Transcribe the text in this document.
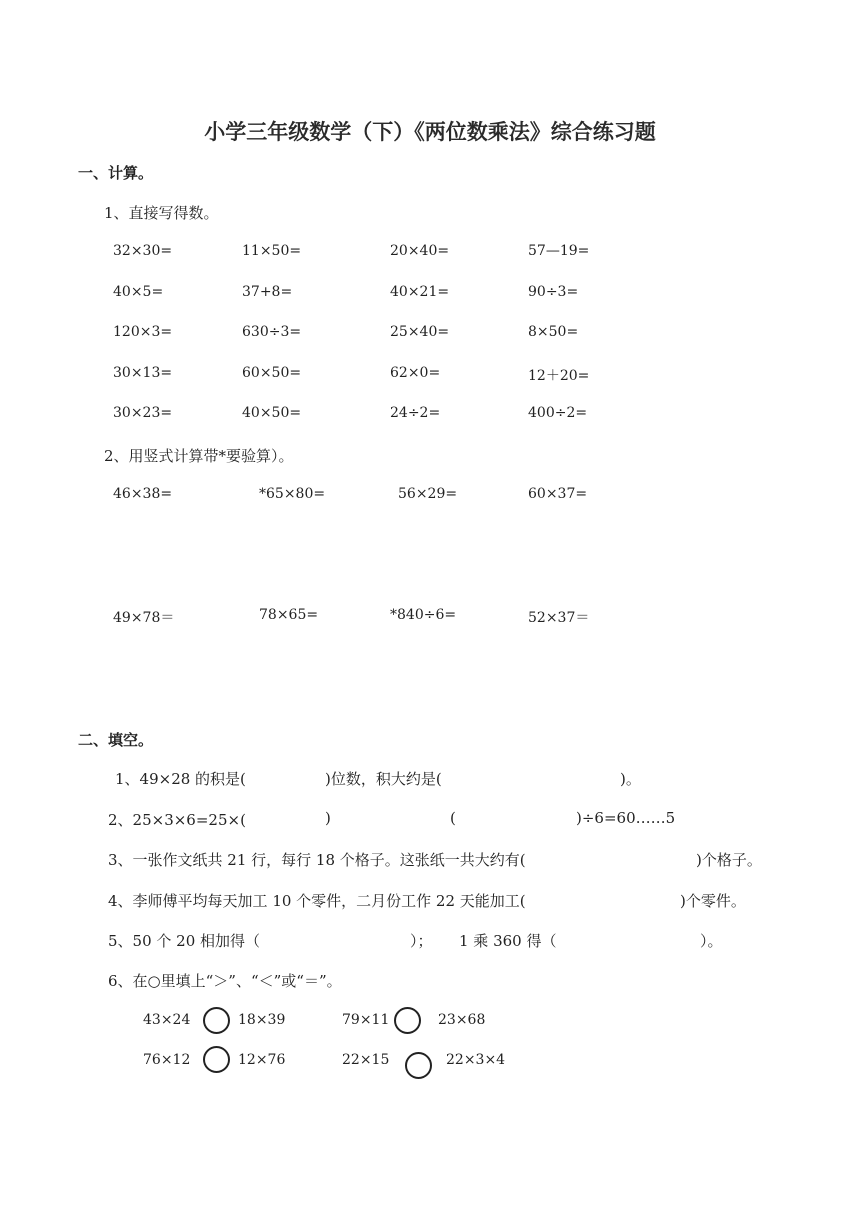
小学三年级数学（下）《两位数乘法》综合练习题
一、计算。
1、直接写得数。
32×30=	11×50=	20×40=	57—19=
40×5=	37+8=	40×21=	90÷3=
120×3=	630÷3=	25×40=	8×50=
30×13=	60×50=	62×0=	12＋20=
30×23=	40×50=	24÷2=	400÷2=
2、用竖式计算带*要验算）。
46×38=	*65×80=	56×29=	60×37=
49×78＝	78×65=	*840÷6=	52×37＝
二、填空。
1、49×28 的积是(	)位数，积大约是(	)。
2、25×3×6=25×(	)	(	)÷6=60……5
3、一张作文纸共 21 行，每行 18 个格子。这张纸一共大约有(	)个格子。
4、李师傅平均每天加工 10 个零件，二月份工作 22 天能加工(	)个零件。
5、50 个 20 相加得（	）； 1 乘 360 得（	）。
6、在○里填上“＞”、“＜”或“＝”。
43×24	18×39	79×11	23×68
76×12	12×76	22×15	22×3×4
